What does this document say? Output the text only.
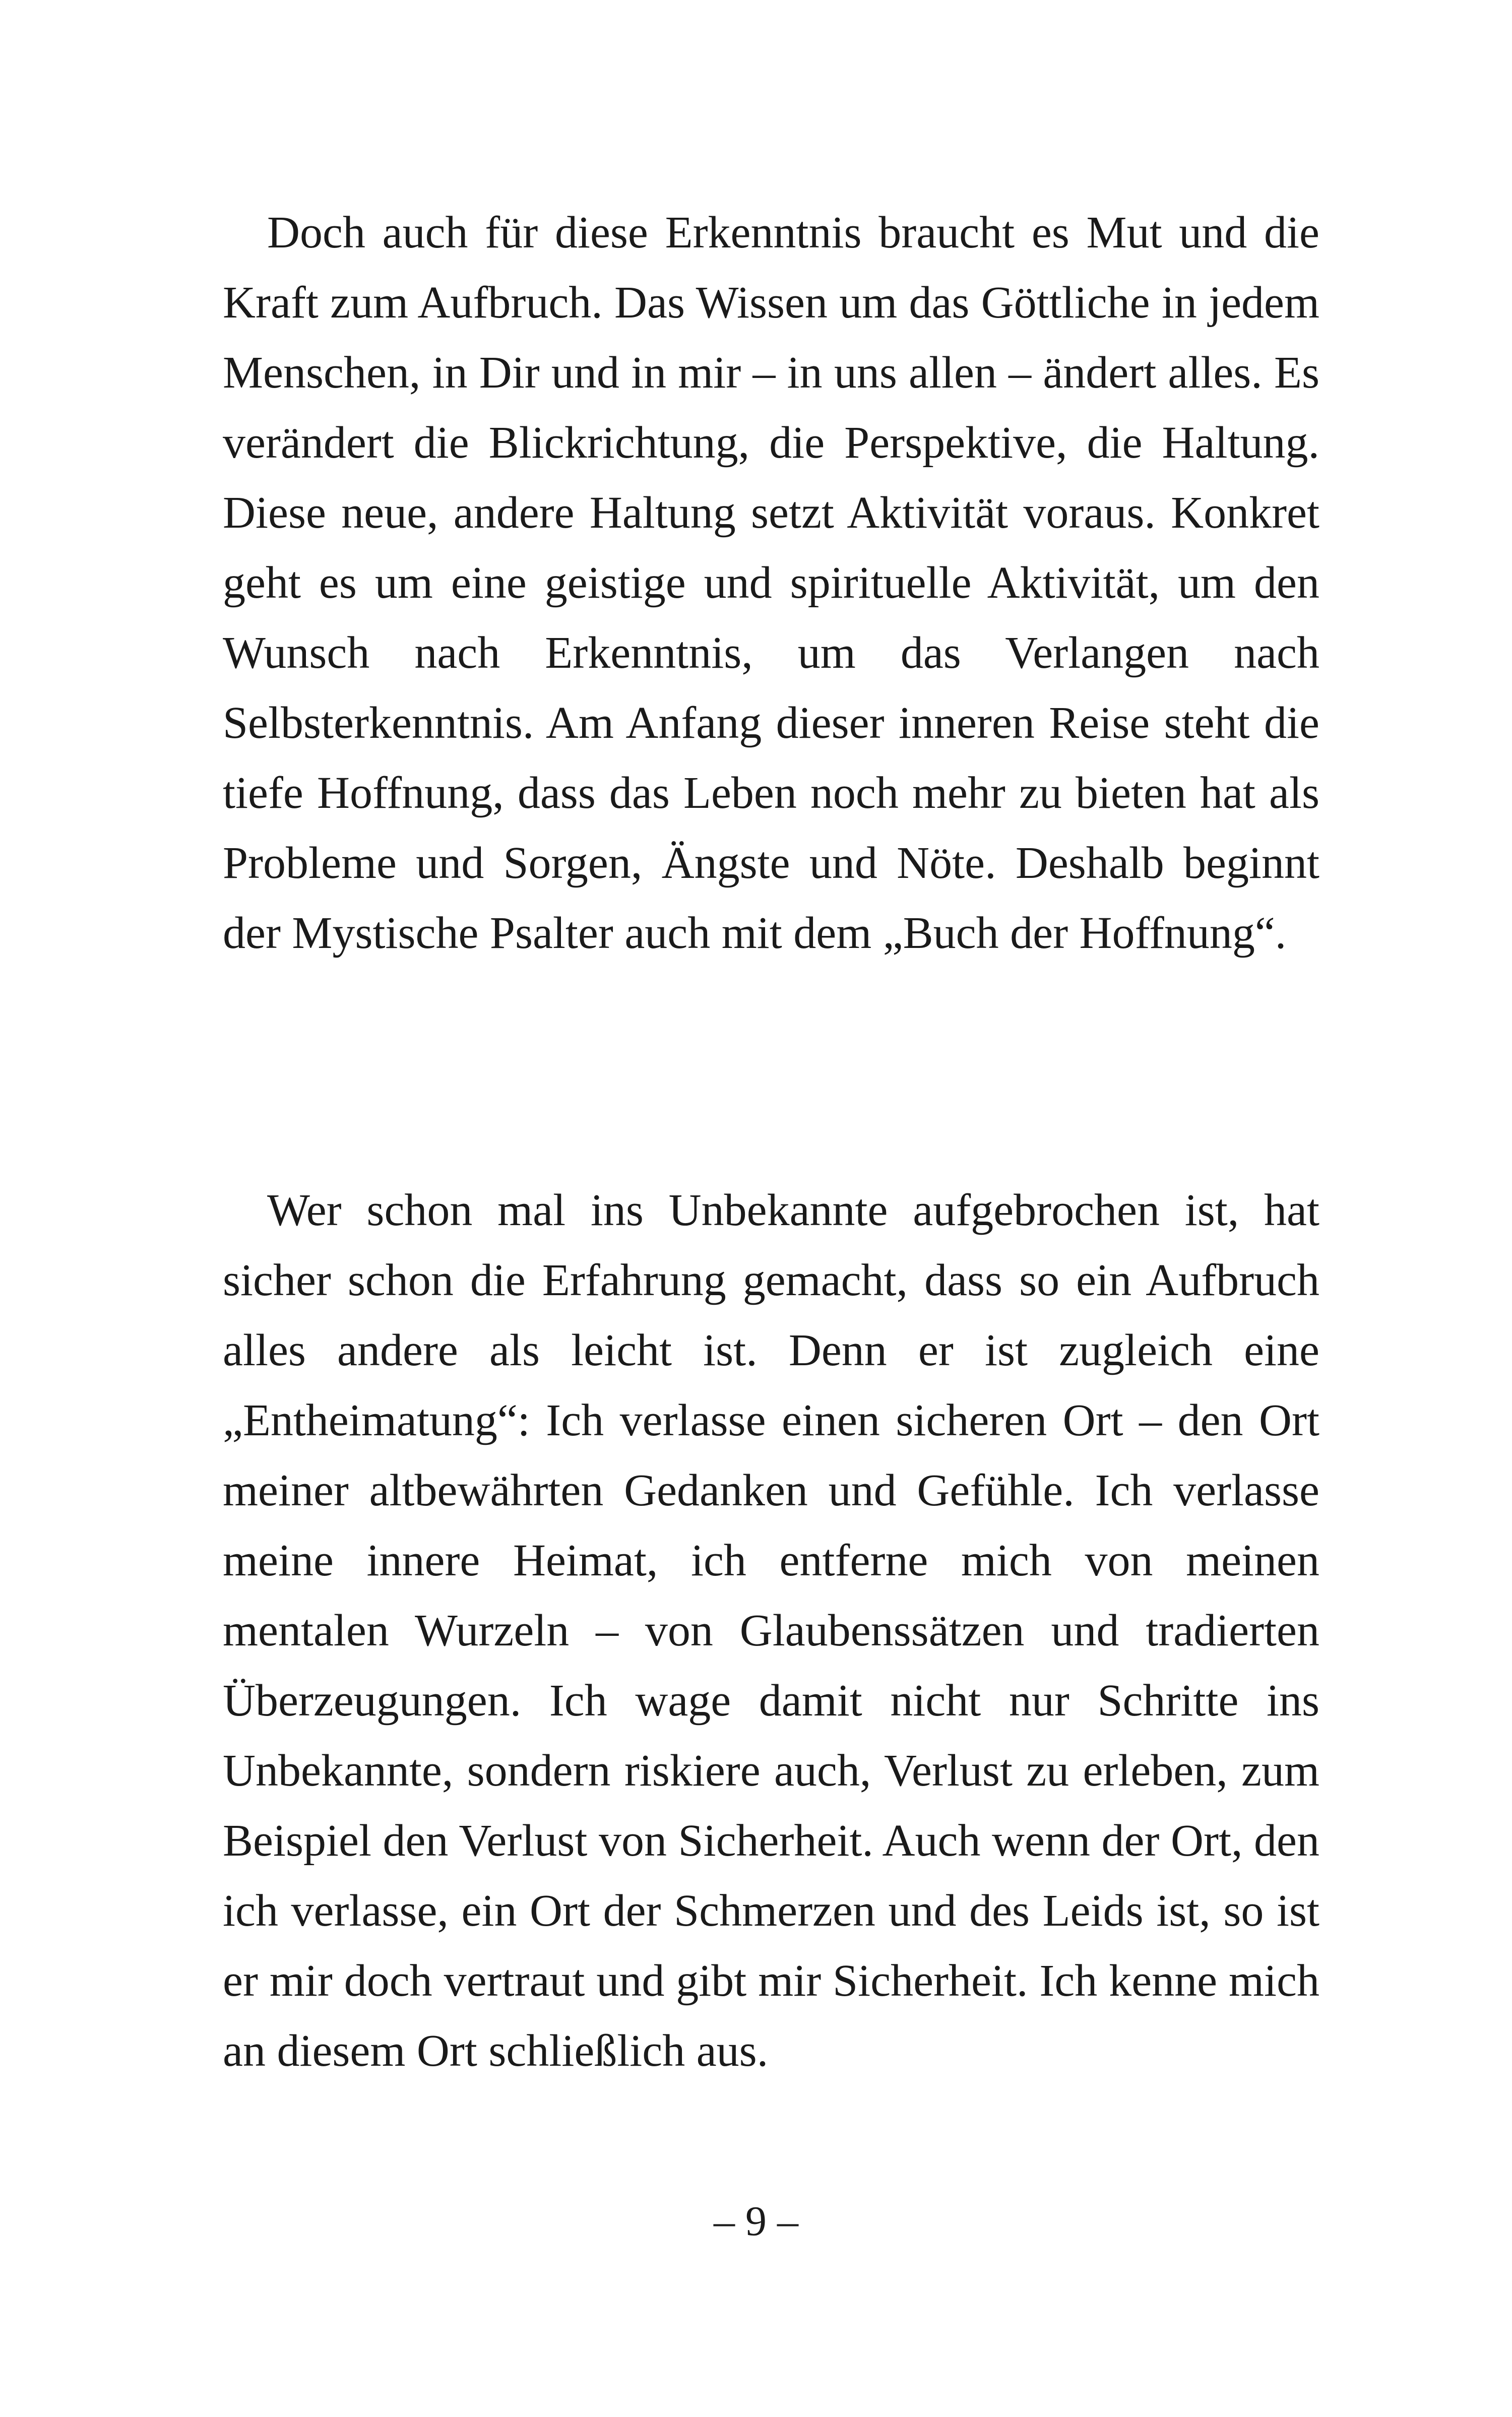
Doch auch für diese Erkenntnis braucht es Mut und die Kraft zum Aufbruch. Das Wissen um das Göttliche in jedem Menschen, in Dir und in mir – in uns allen – ändert alles. Es verändert die Blickrichtung, die Perspektive, die Haltung. Diese neue, andere Haltung setzt Aktivität voraus. Konkret geht es um eine geistige und spirituelle Aktivität, um den Wunsch nach Erkenntnis, um das Verlangen nach Selbsterkenntnis. Am Anfang dieser inneren Reise steht die tiefe Hoffnung, dass das Leben noch mehr zu bieten hat als Probleme und Sorgen, Ängste und Nöte. Deshalb beginnt der Mystische Psalter auch mit dem „Buch der Hoffnung“.

Wer schon mal ins Unbekannte aufgebrochen ist, hat sicher schon die Erfahrung gemacht, dass so ein Aufbruch alles andere als leicht ist. Denn er ist zugleich eine „Entheimatung“: Ich verlasse einen sicheren Ort – den Ort meiner altbewährten Gedanken und Gefühle. Ich verlasse meine innere Heimat, ich entferne mich von meinen mentalen Wurzeln – von Glaubenssätzen und tradierten Überzeugungen. Ich wage damit nicht nur Schritte ins Unbekannte, sondern riskiere auch, Verlust zu erleben, zum Beispiel den Verlust von Sicherheit. Auch wenn der Ort, den ich verlasse, ein Ort der Schmerzen und des Leids ist, so ist er mir doch vertraut und gibt mir Sicherheit. Ich kenne mich an diesem Ort schließlich aus.

– 9 –
